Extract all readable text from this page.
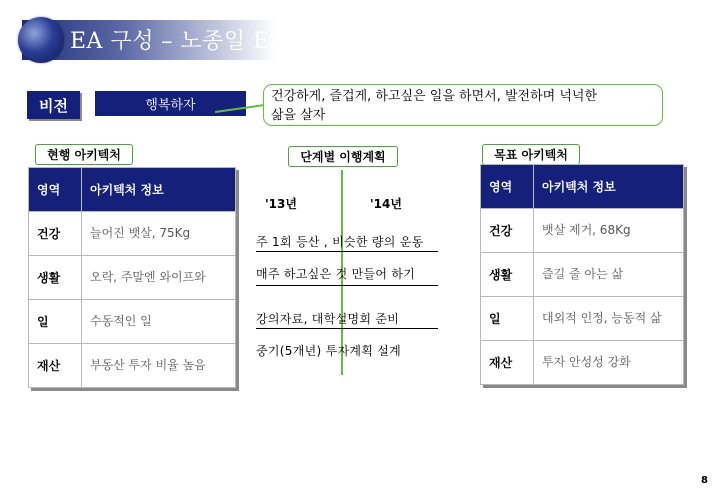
EA 구성 – 노종일 EA
비전	행복하자
건강하게, 즐겁게, 하고싶은 일을 하면서, 발전하며 넉넉한
삶을 살자
현행 아키텍처	단계별 이행계획	목표 아키텍처
영역	아키텍처 정보
건강	늘어진 뱃살, 75Kg
생활	오락, 주말엔 와이프와
일	수동적인 일
재산	부동산 투자 비율 높음
'13년	'14년
주 1회 등산 , 비슷한 량의 운동
매주 하고싶은 것 만들어 하기
강의자료, 대학설명회 준비
중기(5개년) 투자계획 설계
영역	아키텍처 정보
건강	뱃살 제거, 68Kg
생활	즐길 줄 아는 삶
일	대외적 인정, 능동적 삶
재산	투자 안성성 강화
8
